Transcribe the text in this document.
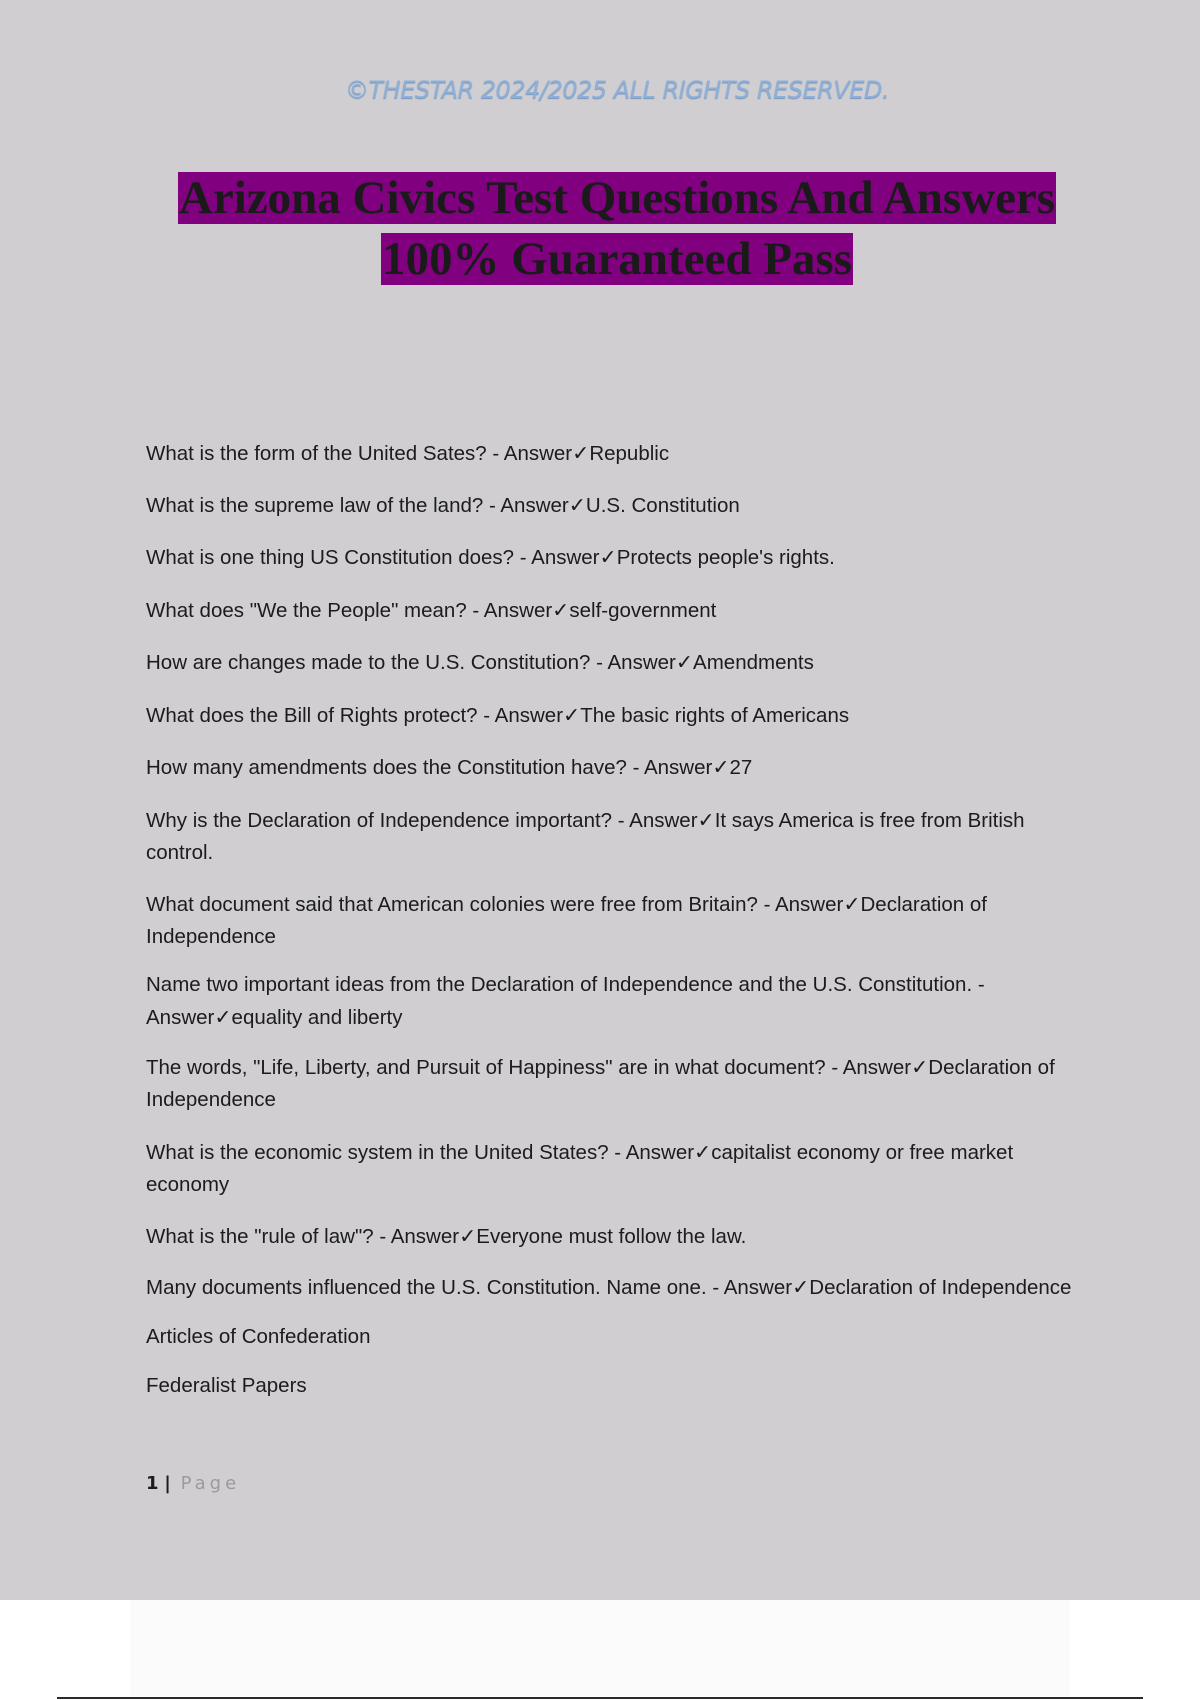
©THESTAR 2024/2025 ALL RIGHTS RESERVED.
Arizona Civics Test Questions And Answers
100% Guaranteed Pass

What is the form of the United Sates? - Answer✓Republic

What is the supreme law of the land? - Answer✓U.S. Constitution

What is one thing US Constitution does? - Answer✓Protects people's rights.

What does "We the People" mean? - Answer✓self-government

How are changes made to the U.S. Constitution? - Answer✓Amendments

What does the Bill of Rights protect? - Answer✓The basic rights of Americans

How many amendments does the Constitution have? - Answer✓27

Why is the Declaration of Independence important? - Answer✓It says America is free from British control.

What document said that American colonies were free from Britain? - Answer✓Declaration of Independence

Name two important ideas from the Declaration of Independence and the U.S. Constitution. - Answer✓equality and liberty

The words, "Life, Liberty, and Pursuit of Happiness" are in what document? - Answer✓Declaration of Independence

What is the economic system in the United States? - Answer✓capitalist economy or free market economy

What is the "rule of law"? - Answer✓Everyone must follow the law.

Many documents influenced the U.S. Constitution. Name one. - Answer✓Declaration of Independence

Articles of Confederation

Federalist Papers

1 | Page
